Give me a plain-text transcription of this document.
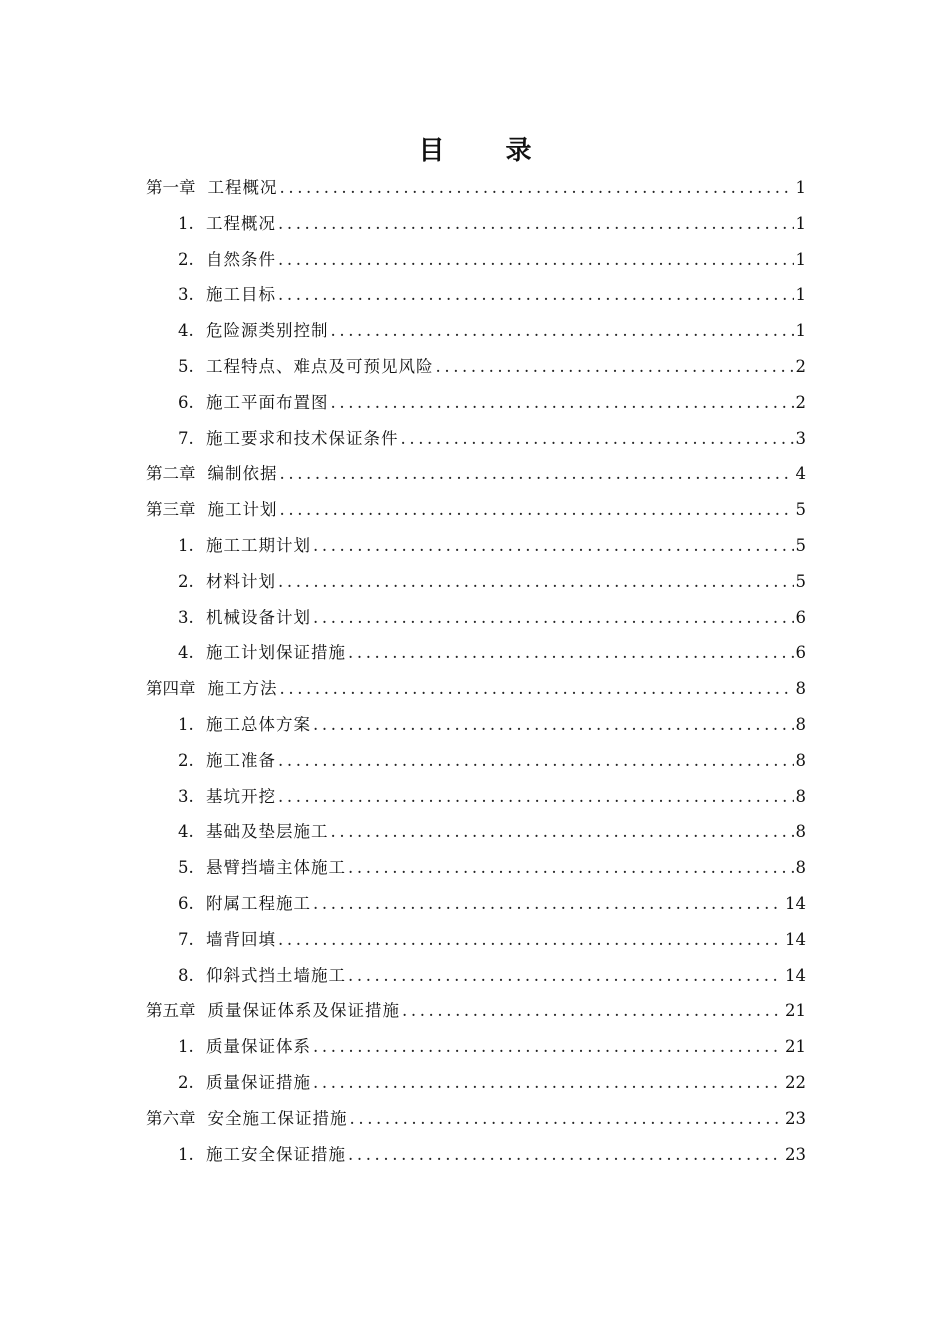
目 录
第一章 工程概况 .....	1
1. 工程概况 .....	1
2. 自然条件 .....	1
3. 施工目标 .....	1
4. 危险源类别控制 .....	1
5. 工程特点、难点及可预见风险 .....	2
6. 施工平面布置图 .....	2
7. 施工要求和技术保证条件 .....	3
第二章 编制依据 .....	4
第三章 施工计划 .....	5
1. 施工工期计划 .....	5
2. 材料计划 .....	5
3. 机械设备计划 .....	6
4. 施工计划保证措施 .....	6
第四章 施工方法 .....	8
1. 施工总体方案 .....	8
2. 施工准备 .....	8
3. 基坑开挖 .....	8
4. 基础及垫层施工 .....	8
5. 悬臂挡墙主体施工 .....	8
6. 附属工程施工 .....	14
7. 墙背回填 .....	14
8. 仰斜式挡土墙施工 .....	14
第五章 质量保证体系及保证措施 .....	21
1. 质量保证体系 .....	21
2. 质量保证措施 .....	22
第六章 安全施工保证措施 .....	23
1. 施工安全保证措施 .....	23
